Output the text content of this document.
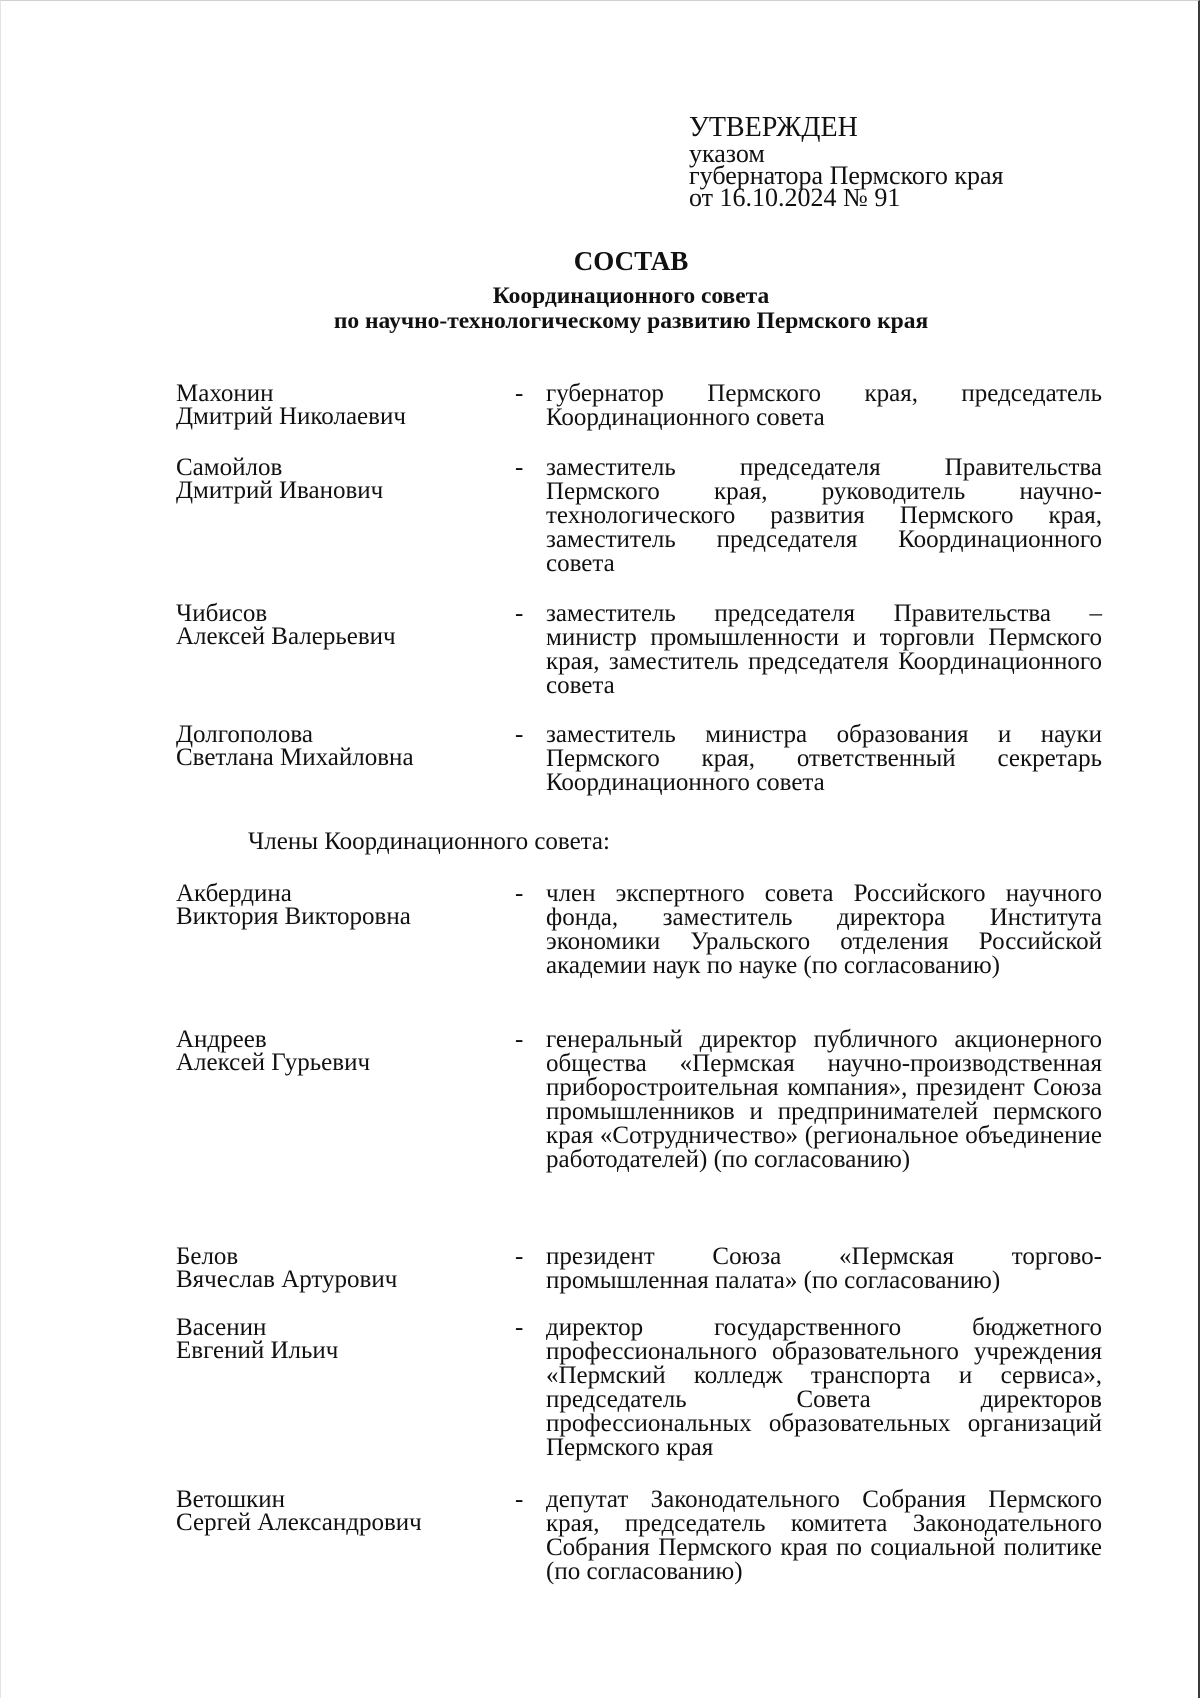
УТВЕРЖДЕН
указом
губернатора Пермского края
от 16.10.2024 № 91
СОСТАВ
Координационного совета
по научно-технологическому развитию Пермского края
Махонин
Дмитрий Николаевич
- губернатор Пермского края, председатель Координационного совета
Самойлов
Дмитрий Иванович
- заместитель председателя Правительства Пермского края, руководитель научно-технологического развития Пермского края, заместитель председателя Координационного совета
Чибисов
Алексей Валерьевич
- заместитель председателя Правительства – министр промышленности и торговли Пермского края, заместитель председателя Координационного совета
Долгополова
Светлана Михайловна
- заместитель министра образования и науки Пермского края, ответственный секретарь Координационного совета
Члены Координационного совета:
Акбердина
Виктория Викторовна
- член экспертного совета Российского научного фонда, заместитель директора Института экономики Уральского отделения Российской академии наук по науке (по согласованию)
Андреев
Алексей Гурьевич
- генеральный директор публичного акционерного общества «Пермская научно-производственная приборостроительная компания», президент Союза промышленников и предпринимателей пермского края «Сотрудничество» (региональное объединение работодателей) (по согласованию)
Белов
Вячеслав Артурович
- президент Союза «Пермская торгово-промышленная палата» (по согласованию)
Васенин
Евгений Ильич
- директор государственного бюджетного профессионального образовательного учреждения «Пермский колледж транспорта и сервиса», председатель Совета директоров профессиональных образовательных организаций Пермского края
Ветошкин
Сергей Александрович
- депутат Законодательного Собрания Пермского края, председатель комитета Законодательного Собрания Пермского края по социальной политике (по согласованию)
